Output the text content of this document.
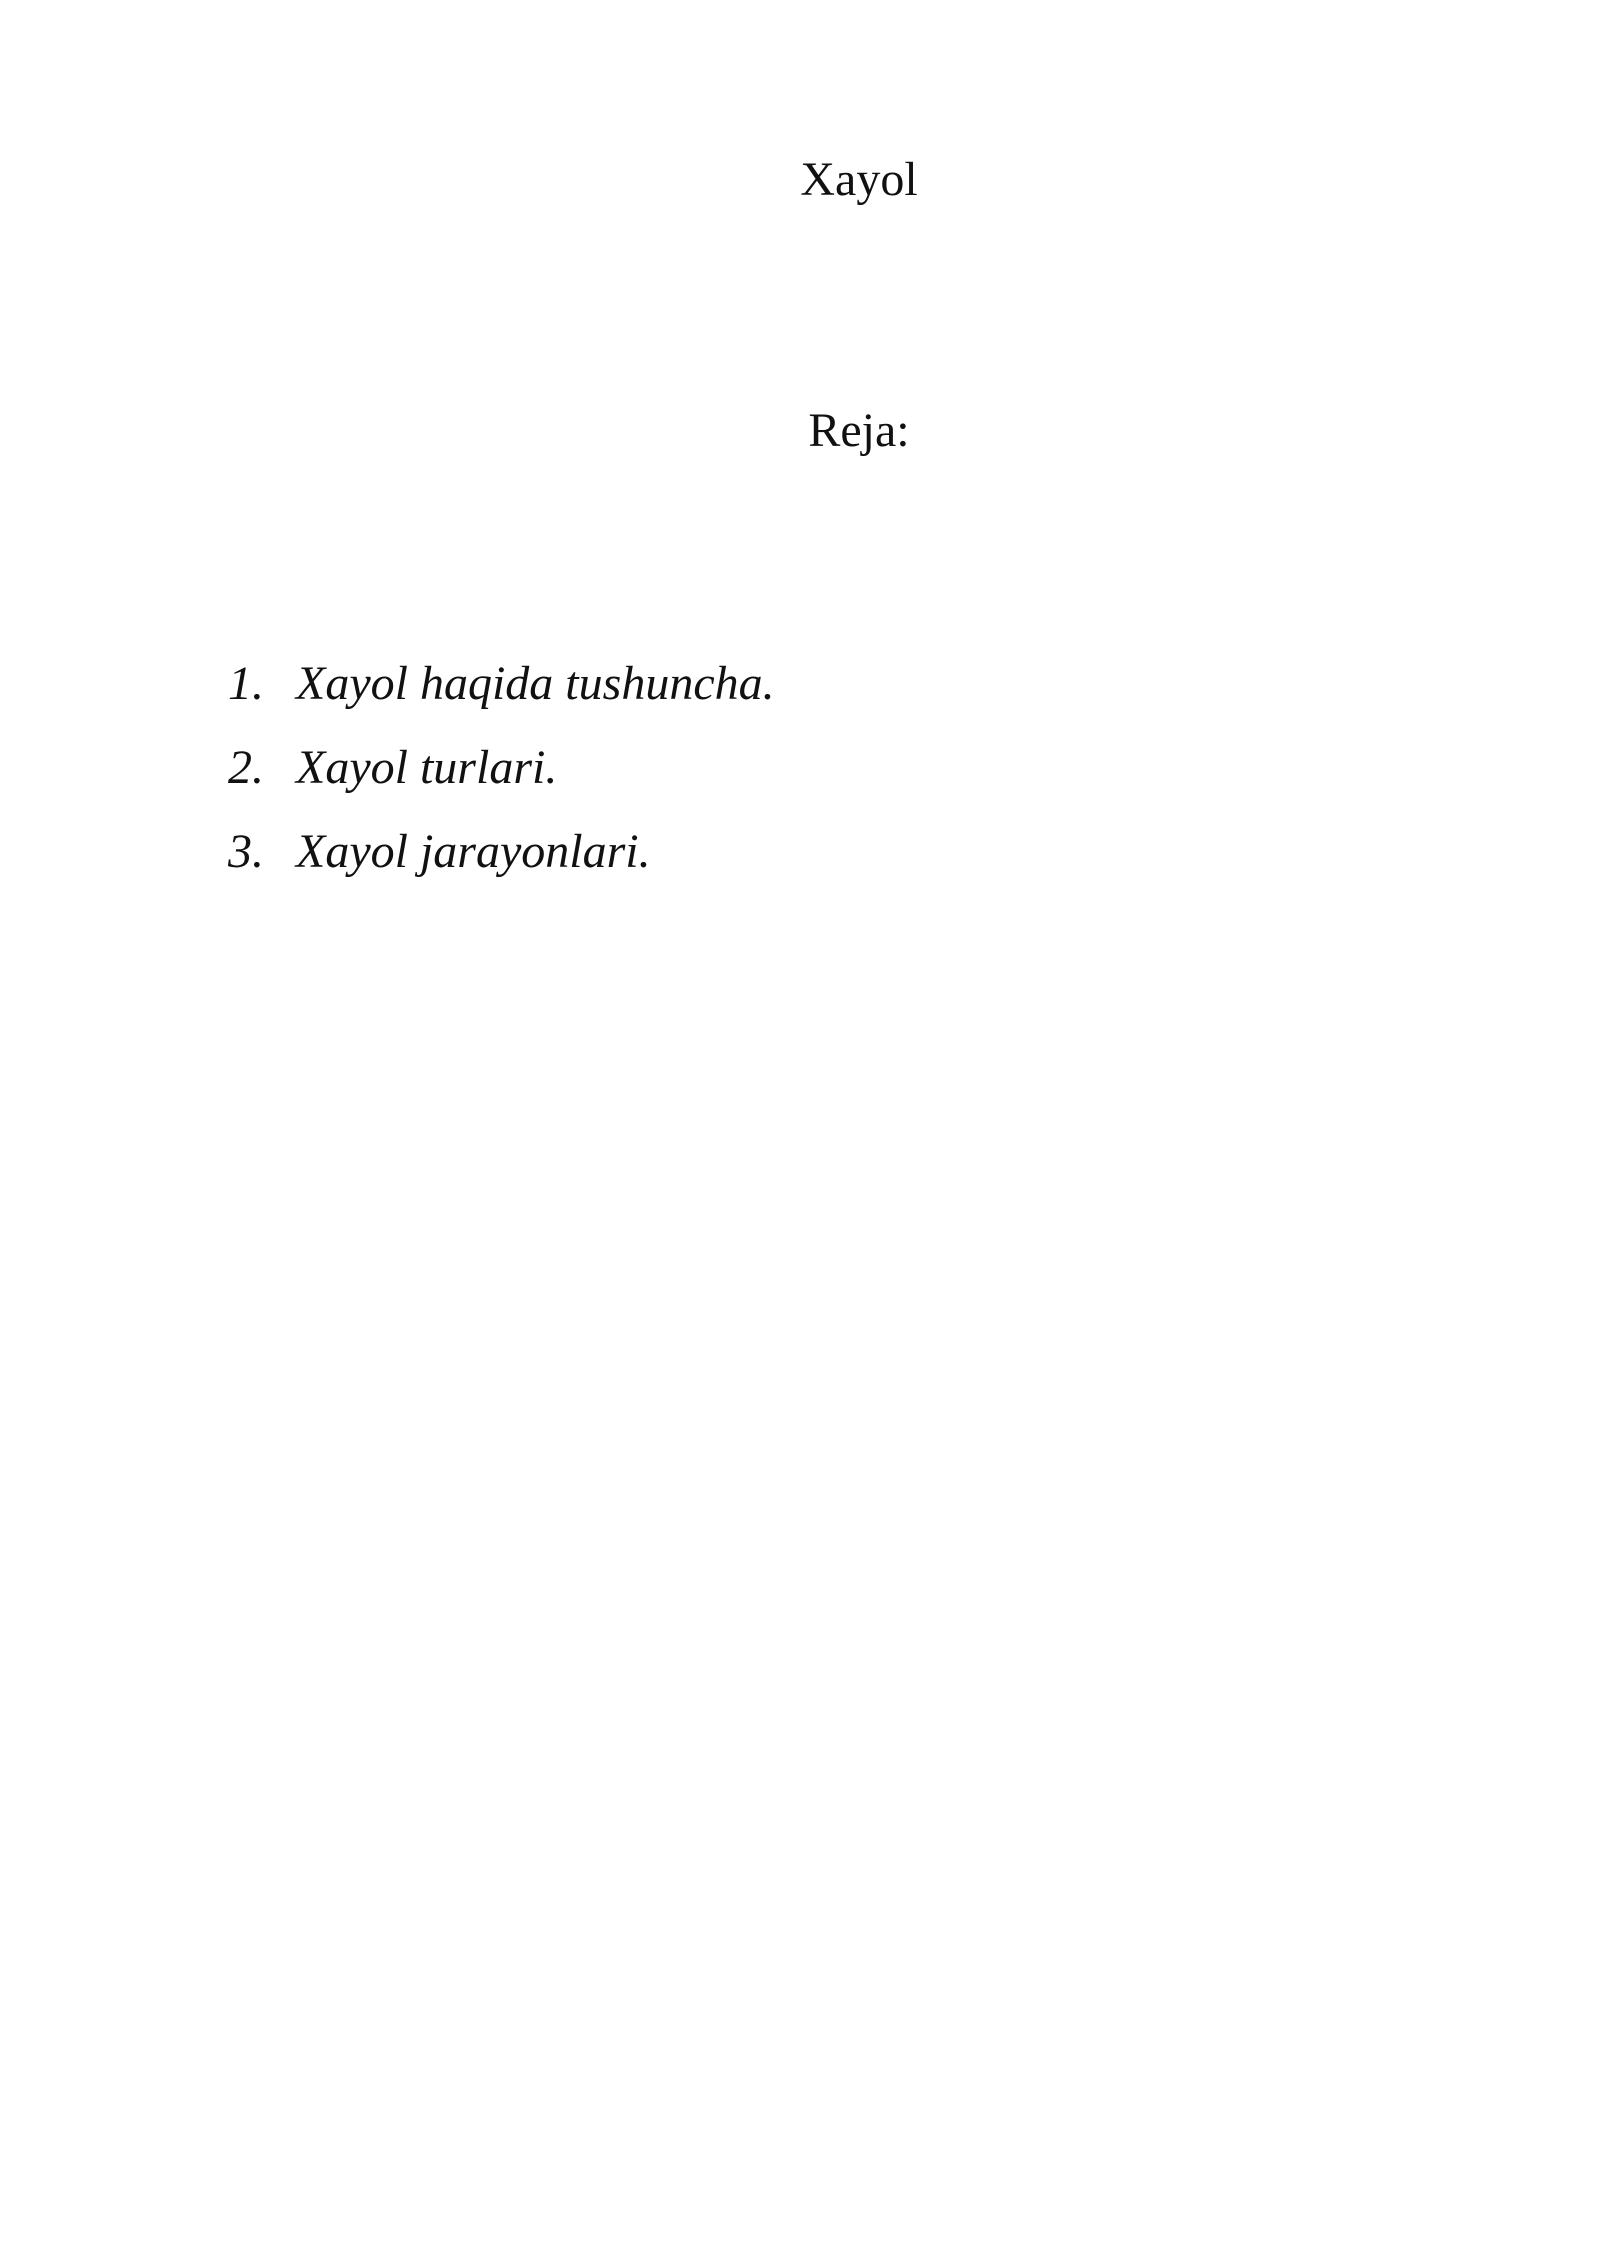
Xayol
Reja:
1. Xayol haqida tushuncha.
2. Xayol turlari.
3. Xayol jarayonlari.
